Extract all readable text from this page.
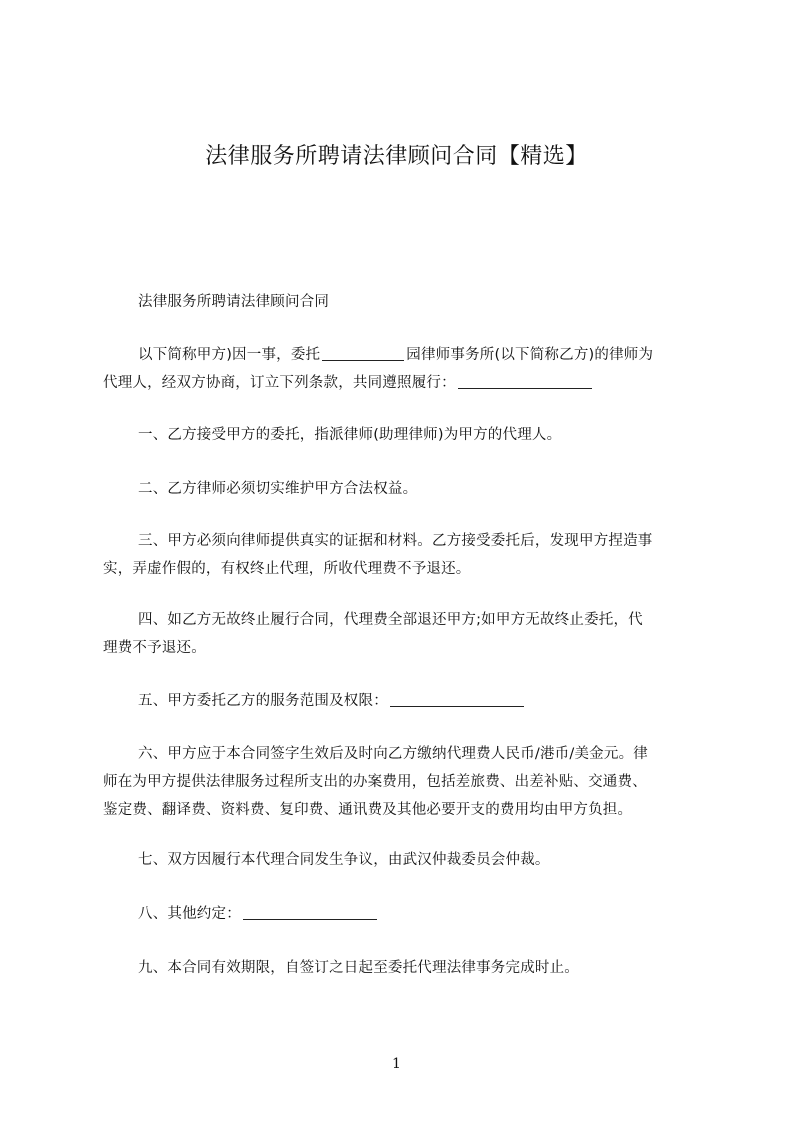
法律服务所聘请法律顾问合同【精选】
法律服务所聘请法律顾问合同
以下简称甲方)因一事，委托	园律师事务所(以下简称乙方)的律师为
代理人，经双方协商，订立下列条款，共同遵照履行：
一、乙方接受甲方的委托，指派律师(助理律师)为甲方的代理人。
二、乙方律师必须切实维护甲方合法权益。
三、甲方必须向律师提供真实的证据和材料。乙方接受委托后，发现甲方捏造事
实，弄虚作假的，有权终止代理，所收代理费不予退还。
四、如乙方无故终止履行合同，代理费全部退还甲方;如甲方无故终止委托，代
理费不予退还。
五、甲方委托乙方的服务范围及权限：
六、甲方应于本合同签字生效后及时向乙方缴纳代理费人民币/港币/美金元。律
师在为甲方提供法律服务过程所支出的办案费用，包括差旅费、出差补贴、交通费、
鉴定费、翻译费、资料费、复印费、通讯费及其他必要开支的费用均由甲方负担。
七、双方因履行本代理合同发生争议，由武汉仲裁委员会仲裁。
八、其他约定：
九、本合同有效期限，自签订之日起至委托代理法律事务完成时止。
1
